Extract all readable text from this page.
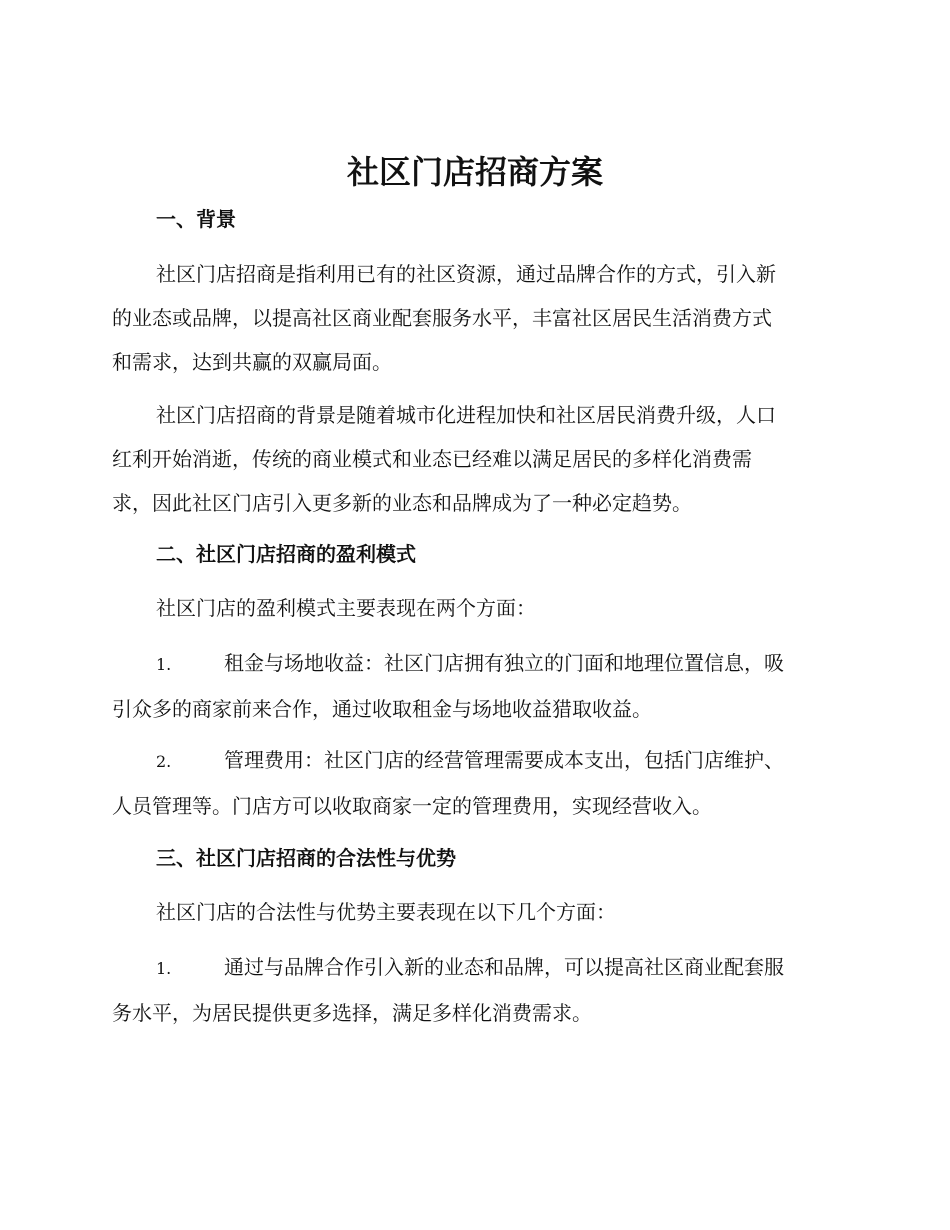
社区门店招商方案
一、背景

社区门店招商是指利用已有的社区资源，通过品牌合作的方式，引入新
的业态或品牌，以提高社区商业配套服务水平，丰富社区居民生活消费方式
和需求，达到共赢的双赢局面。

社区门店招商的背景是随着城市化进程加快和社区居民消费升级，人口
红利开始消逝，传统的商业模式和业态已经难以满足居民的多样化消费需
求，因此社区门店引入更多新的业态和品牌成为了一种必定趋势。

二、社区门店招商的盈利模式

社区门店的盈利模式主要表现在两个方面：

1.	租金与场地收益：社区门店拥有独立的门面和地理位置信息，吸
引众多的商家前来合作，通过收取租金与场地收益猎取收益。

2.	管理费用：社区门店的经营管理需要成本支出，包括门店维护、
人员管理等。门店方可以收取商家一定的管理费用，实现经营收入。

三、社区门店招商的合法性与优势

社区门店的合法性与优势主要表现在以下几个方面：

1.	通过与品牌合作引入新的业态和品牌，可以提高社区商业配套服
务水平，为居民提供更多选择，满足多样化消费需求。
